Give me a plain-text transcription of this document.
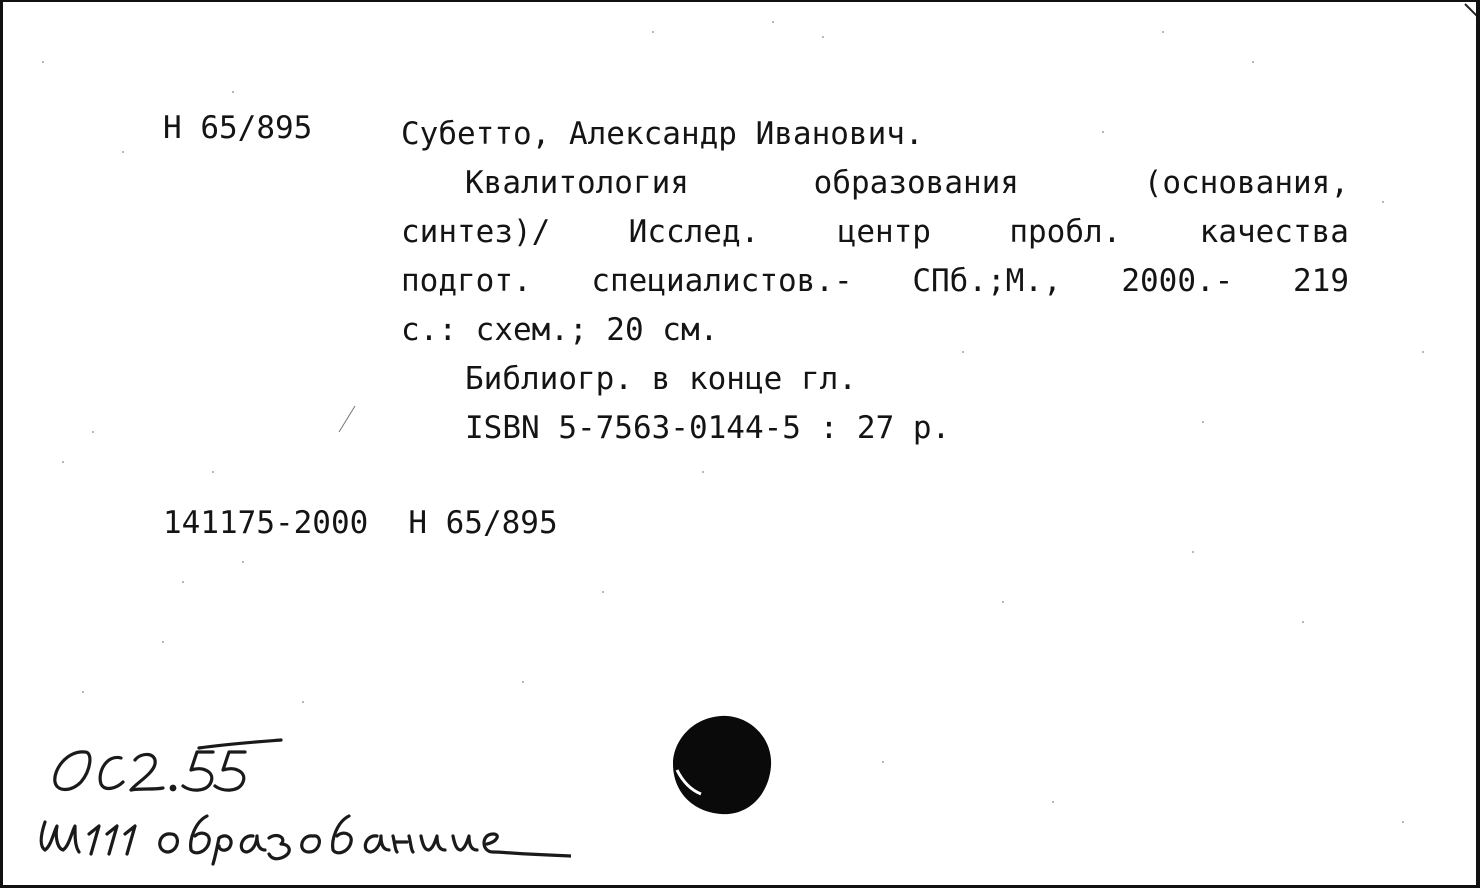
Н 65/895	Субетто, Александр Иванович.
Квалитология	образования	(основания,
синтез)/	Исслед.	центр	пробл.	качества
подгот. специалистов.- СПб.;М., 2000.- 219
с.: схем.; 20 см.
Библиогр. в конце гл.
ISBN 5-7563-0144-5 : 27 р.
141175-2000 Н 65/895
